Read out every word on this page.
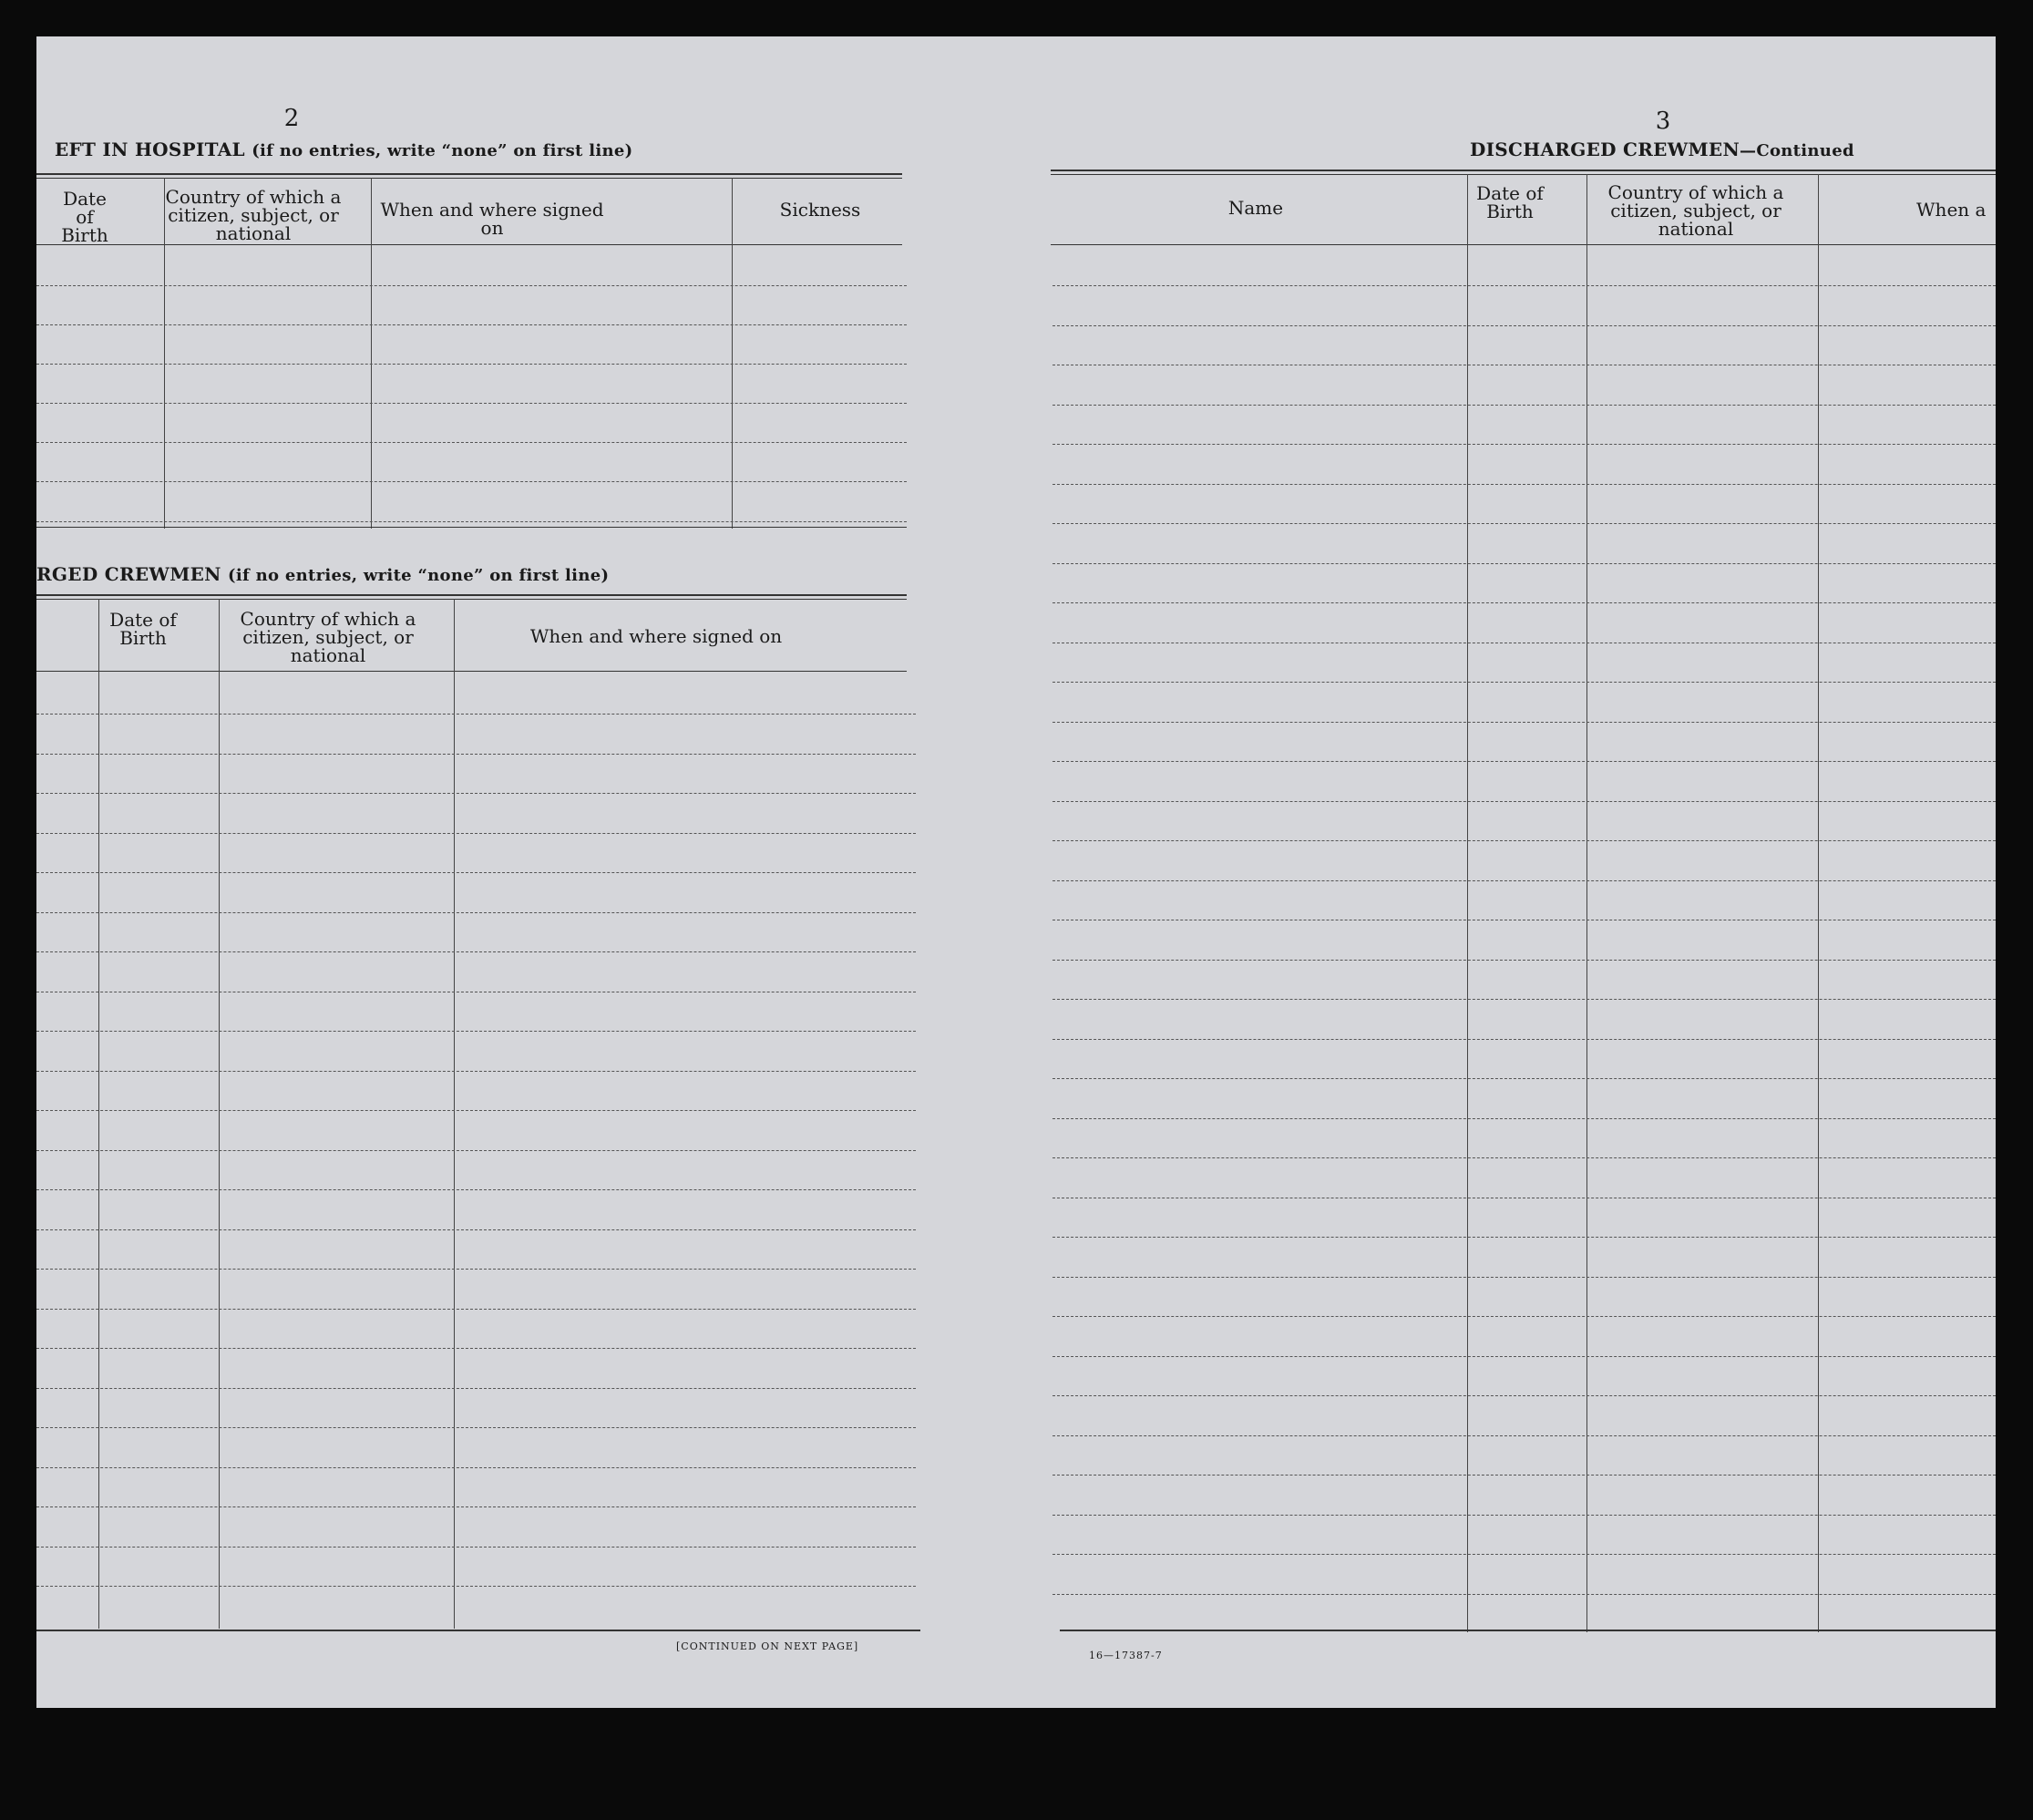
2
EFT IN HOSPITAL (if no entries, write “none” on first line)
Date of Birth
Country of which a citizen, subject, or national
When and where signed on
Sickness
RGED CREWMEN (if no entries, write “none” on first line)
Date of Birth
Country of which a citizen, subject, or national
When and where signed on
[CONTINUED ON NEXT PAGE]
3
DISCHARGED CREWMEN—Continued
Name
Date of Birth
Country of which a citizen, subject, or national
When a
16—17387-7
